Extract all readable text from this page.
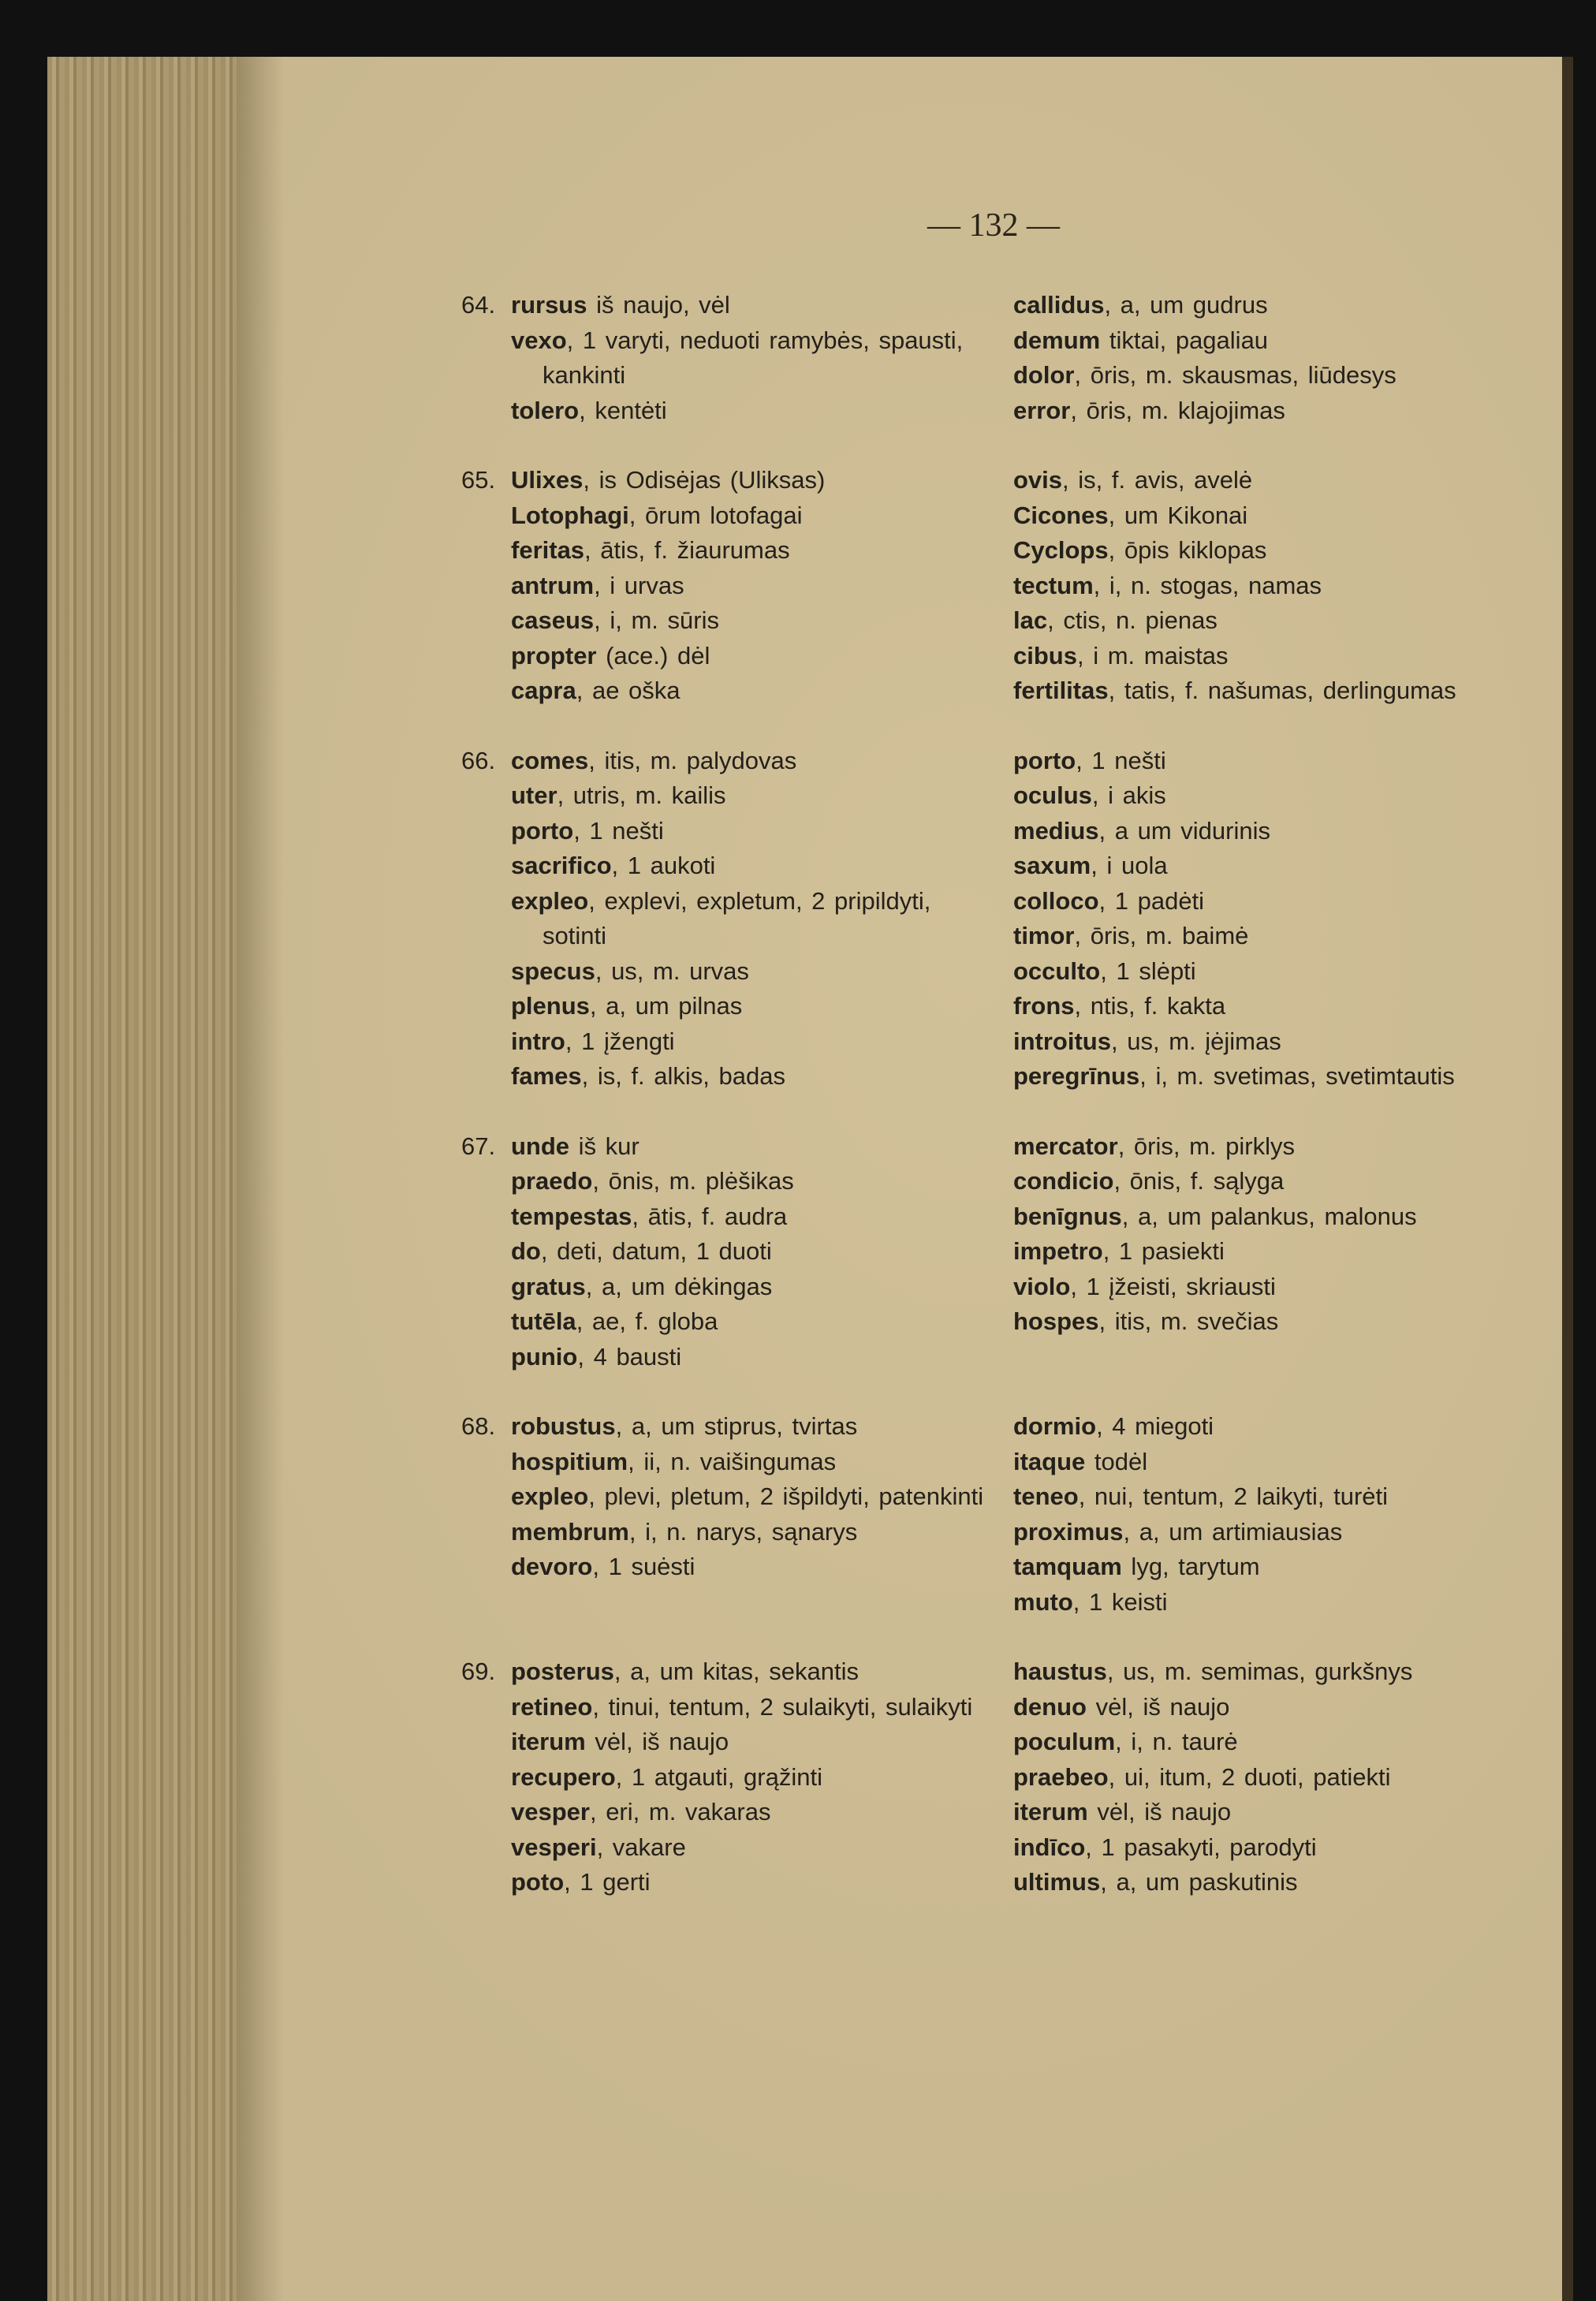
— 132 —
64. rursus iš naujo, vėl
vexo, 1 varyti, neduoti ramybės, spausti, kankinti
tolero, kentėti
callidus, a, um gudrus
demum tiktai, pagaliau
dolor, ōris, m. skausmas, liūdesys
error, ōris, m. klajojimas
65. Ulixes, is Odisėjas (Uliksas)
Lotophagi, ōrum lotofagai
feritas, ātis, f. žiaurumas
antrum, i urvas
caseus, i, m. sūris
propter (ace.) dėl
capra, ae oška
ovis, is, f. avis, avelė
Cicones, um Kikonai
Cyclops, ōpis kiklopas
tectum, i, n. stogas, namas
lac, ctis, n. pienas
cibus, i m. maistas
fertilitas, tatis, f. našumas, derlingumas
66. comes, itis, m. palydovas
uter, utris, m. kailis
porto, 1 nešti
sacrifico, 1 aukoti
expleo, explevi, expletum, 2 pripildyti, sotinti
specus, us, m. urvas
plenus, a, um pilnas
intro, 1 įžengti
fames, is, f. alkis, badas
porto, 1 nešti
oculus, i akis
medius, a um vidurinis
saxum, i uola
colloco, 1 padėti
timor, ōris, m. baimė
occulto, 1 slėpti
frons, ntis, f. kakta
introitus, us, m. įėjimas
peregrīnus, i, m. svetimas, svetimtautis
67. unde iš kur
praedo, ōnis, m. plėšikas
tempestas, ātis, f. audra
do, deti, datum, 1 duoti
gratus, a, um dėkingas
tutēla, ae, f. globa
punio, 4 bausti
mercator, ōris, m. pirklys
condicio, ōnis, f. sąlyga
benīgnus, a, um palankus, malonus
impetro, 1 pasiekti
violo, 1 įžeisti, skriausti
hospes, itis, m. svečias
68. robustus, a, um stiprus, tvirtas
hospitium, ii, n. vaišingumas
expleo, plevi, pletum, 2 išpildyti, patenkinti
membrum, i, n. narys, sąnarys
devoro, 1 suėsti
dormio, 4 miegoti
itaque todėl
teneo, nui, tentum, 2 laikyti, turėti
proximus, a, um artimiausias
tamquam lyg, tarytum
muto, 1 keisti
69. posterus, a, um kitas, sekantis
retineo, tinui, tentum, 2 sulaikyti, sulaikyti
iterum vėl, iš naujo
recupero, 1 atgauti, grąžinti
vesper, eri, m. vakaras
vesperi, vakare
poto, 1 gerti
haustus, us, m. semimas, gurkšnys
denuo vėl, iš naujo
poculum, i, n. taurė
praebeo, ui, itum, 2 duoti, patiekti
iterum vėl, iš naujo
indīco, 1 pasakyti, parodyti
ultimus, a, um paskutinis
